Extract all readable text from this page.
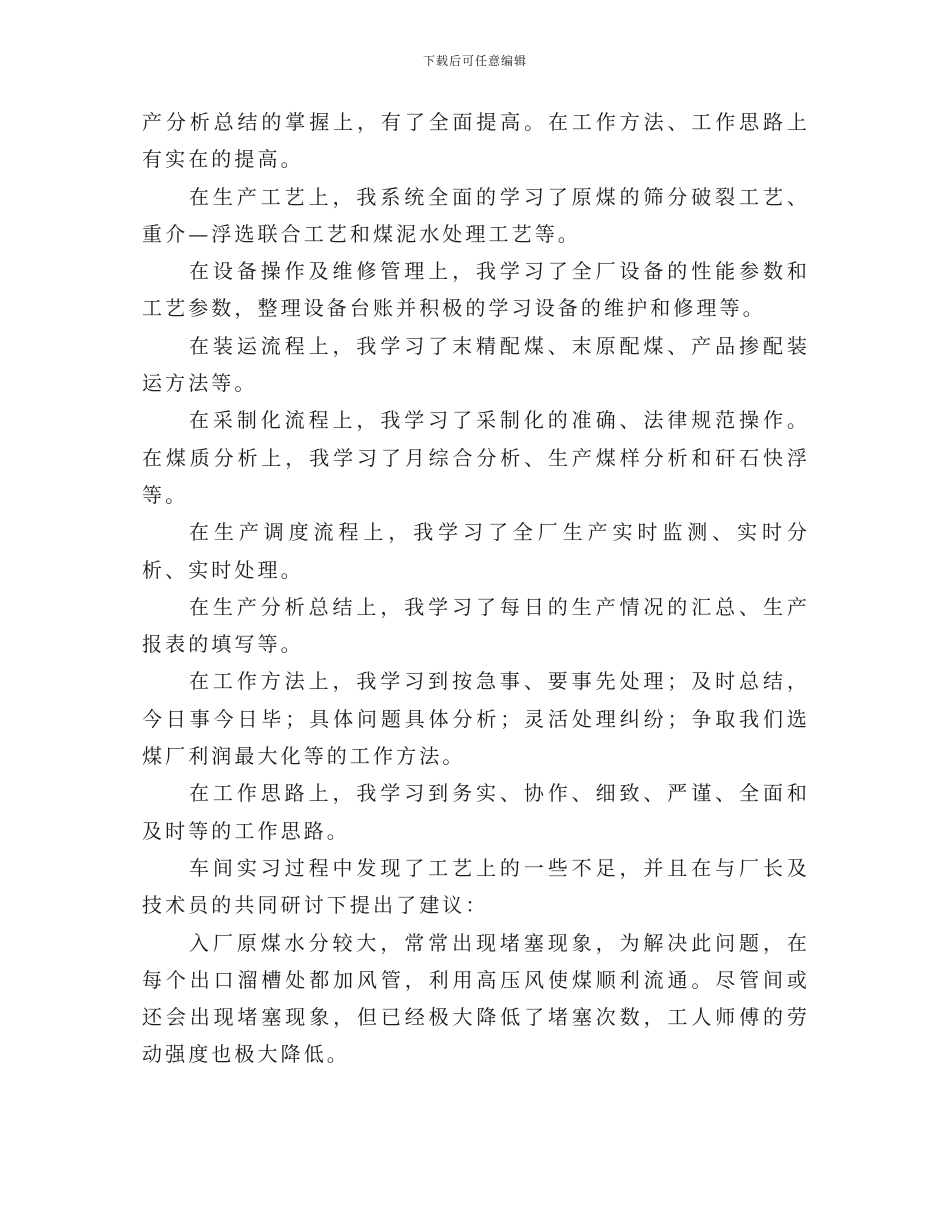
下载后可任意编辑

产分析总结的掌握上，有了全面提高。在工作方法、工作思路上有实在的提高。

在生产工艺上，我系统全面的学习了原煤的筛分破裂工艺、重介—浮选联合工艺和煤泥水处理工艺等。

在设备操作及维修管理上，我学习了全厂设备的性能参数和工艺参数，整理设备台账并积极的学习设备的维护和修理等。

在装运流程上，我学习了末精配煤、末原配煤、产品掺配装运方法等。

在采制化流程上，我学习了采制化的准确、法律规范操作。在煤质分析上，我学习了月综合分析、生产煤样分析和矸石快浮等。

在生产调度流程上，我学习了全厂生产实时监测、实时分析、实时处理。

在生产分析总结上，我学习了每日的生产情况的汇总、生产报表的填写等。

在工作方法上，我学习到按急事、要事先处理；及时总结，今日事今日毕；具体问题具体分析；灵活处理纠纷；争取我们选煤厂利润最大化等的工作方法。

在工作思路上，我学习到务实、协作、细致、严谨、全面和及时等的工作思路。

车间实习过程中发现了工艺上的一些不足，并且在与厂长及技术员的共同研讨下提出了建议：

入厂原煤水分较大，常常出现堵塞现象，为解决此问题，在每个出口溜槽处都加风管，利用高压风使煤顺利流通。尽管间或还会出现堵塞现象，但已经极大降低了堵塞次数，工人师傅的劳动强度也极大降低。
